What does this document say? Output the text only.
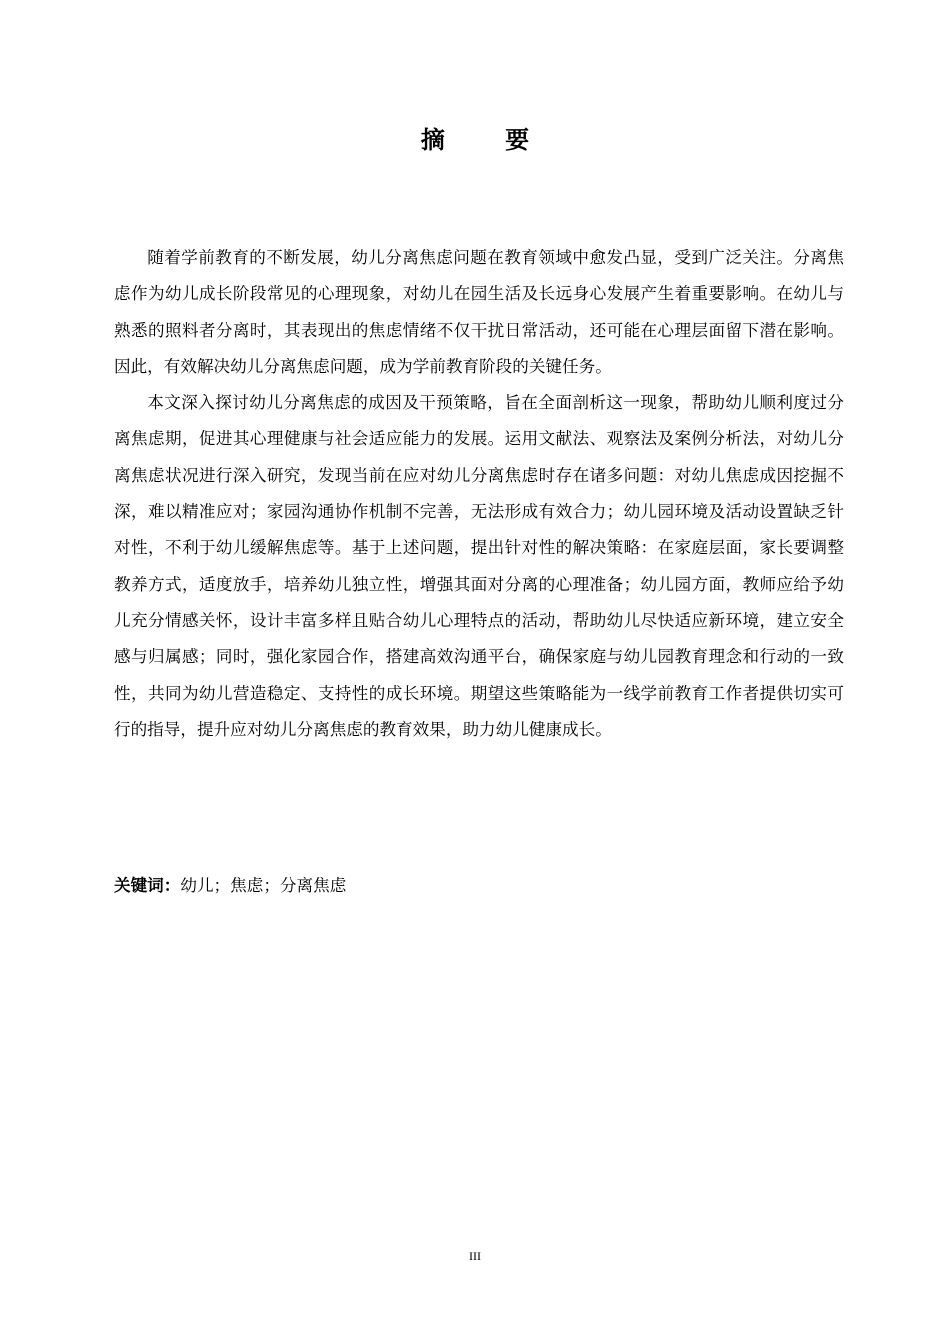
摘 要

随着学前教育的不断发展，幼儿分离焦虑问题在教育领域中愈发凸显，受到广泛关注。分离焦虑作为幼儿成长阶段常见的心理现象，对幼儿在园生活及长远身心发展产生着重要影响。在幼儿与熟悉的照料者分离时，其表现出的焦虑情绪不仅干扰日常活动，还可能在心理层面留下潜在影响。因此，有效解决幼儿分离焦虑问题，成为学前教育阶段的关键任务。

本文深入探讨幼儿分离焦虑的成因及干预策略，旨在全面剖析这一现象，帮助幼儿顺利度过分离焦虑期，促进其心理健康与社会适应能力的发展。运用文献法、观察法及案例分析法，对幼儿分离焦虑状况进行深入研究，发现当前在应对幼儿分离焦虑时存在诸多问题：对幼儿焦虑成因挖掘不深，难以精准应对；家园沟通协作机制不完善，无法形成有效合力；幼儿园环境及活动设置缺乏针对性，不利于幼儿缓解焦虑等。基于上述问题，提出针对性的解决策略：在家庭层面，家长要调整教养方式，适度放手，培养幼儿独立性，增强其面对分离的心理准备；幼儿园方面，教师应给予幼儿充分情感关怀，设计丰富多样且贴合幼儿心理特点的活动，帮助幼儿尽快适应新环境，建立安全感与归属感；同时，强化家园合作，搭建高效沟通平台，确保家庭与幼儿园教育理念和行动的一致性，共同为幼儿营造稳定、支持性的成长环境。期望这些策略能为一线学前教育工作者提供切实可行的指导，提升应对幼儿分离焦虑的教育效果，助力幼儿健康成长。

关键词：幼儿；焦虑；分离焦虑
III
